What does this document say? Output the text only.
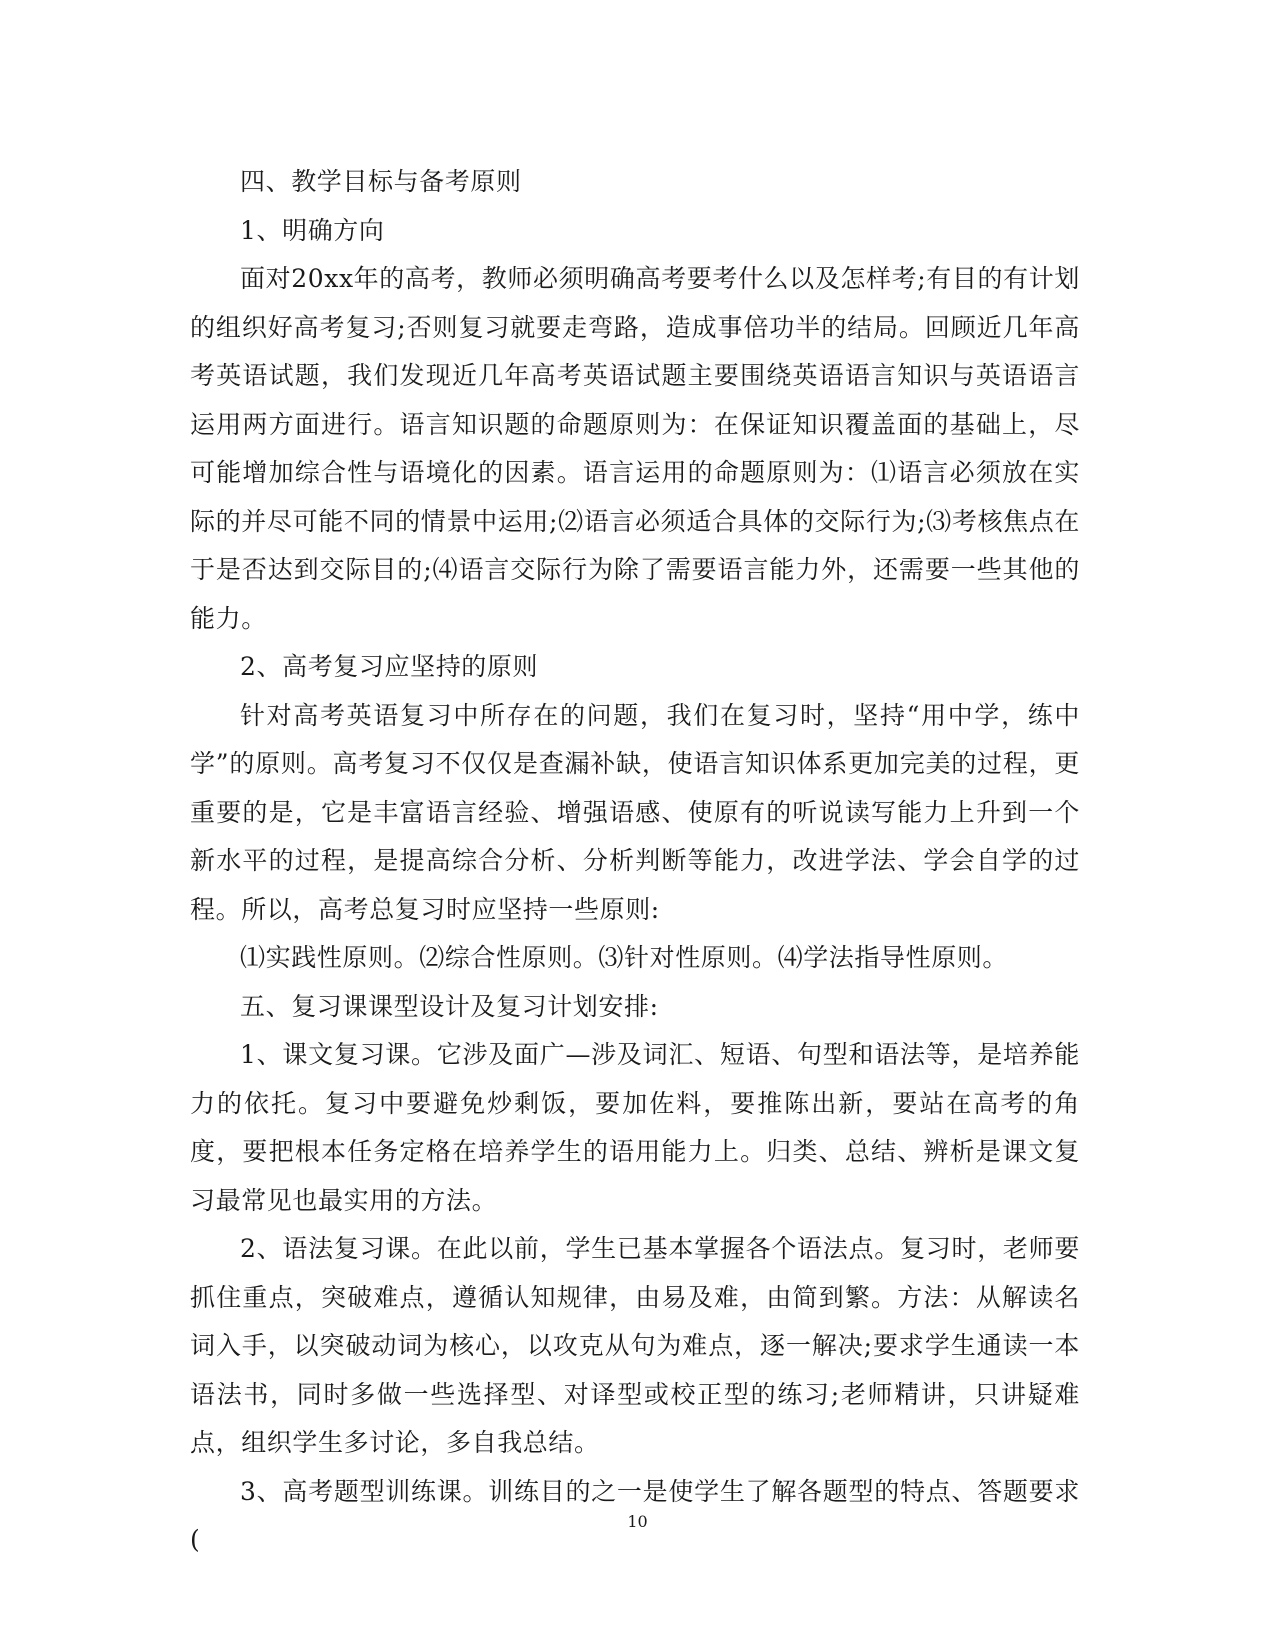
四、教学目标与备考原则

1、明确方向

面对20xx年的高考，教师必须明确高考要考什么以及怎样考;有目的有计划的组织好高考复习;否则复习就要走弯路，造成事倍功半的结局。回顾近几年高考英语试题，我们发现近几年高考英语试题主要围绕英语语言知识与英语语言运用两方面进行。语言知识题的命题原则为：在保证知识覆盖面的基础上，尽可能增加综合性与语境化的因素。语言运用的命题原则为：⑴语言必须放在实际的并尽可能不同的情景中运用;⑵语言必须适合具体的交际行为;⑶考核焦点在于是否达到交际目的;⑷语言交际行为除了需要语言能力外，还需要一些其他的能力。

2、高考复习应坚持的原则

针对高考英语复习中所存在的问题，我们在复习时，坚持“用中学，练中学”的原则。高考复习不仅仅是查漏补缺，使语言知识体系更加完美的过程，更重要的是，它是丰富语言经验、增强语感、使原有的听说读写能力上升到一个新水平的过程，是提高综合分析、分析判断等能力，改进学法、学会自学的过程。所以，高考总复习时应坚持一些原则:

⑴实践性原则。⑵综合性原则。⑶针对性原则。⑷学法指导性原则。

五、复习课课型设计及复习计划安排:

1、课文复习课。它涉及面广—涉及词汇、短语、句型和语法等，是培养能力的依托。复习中要避免炒剩饭，要加佐料，要推陈出新，要站在高考的角度，要把根本任务定格在培养学生的语用能力上。归类、总结、辨析是课文复习最常见也最实用的方法。

2、语法复习课。在此以前，学生已基本掌握各个语法点。复习时，老师要抓住重点，突破难点，遵循认知规律，由易及难，由简到繁。方法：从解读名词入手，以突破动词为核心，以攻克从句为难点，逐一解决;要求学生通读一本语法书，同时多做一些选择型、对译型或校正型的练习;老师精讲，只讲疑难点，组织学生多讨论，多自我总结。

3、高考题型训练课。训练目的之一是使学生了解各题型的特点、答题要求(

10
